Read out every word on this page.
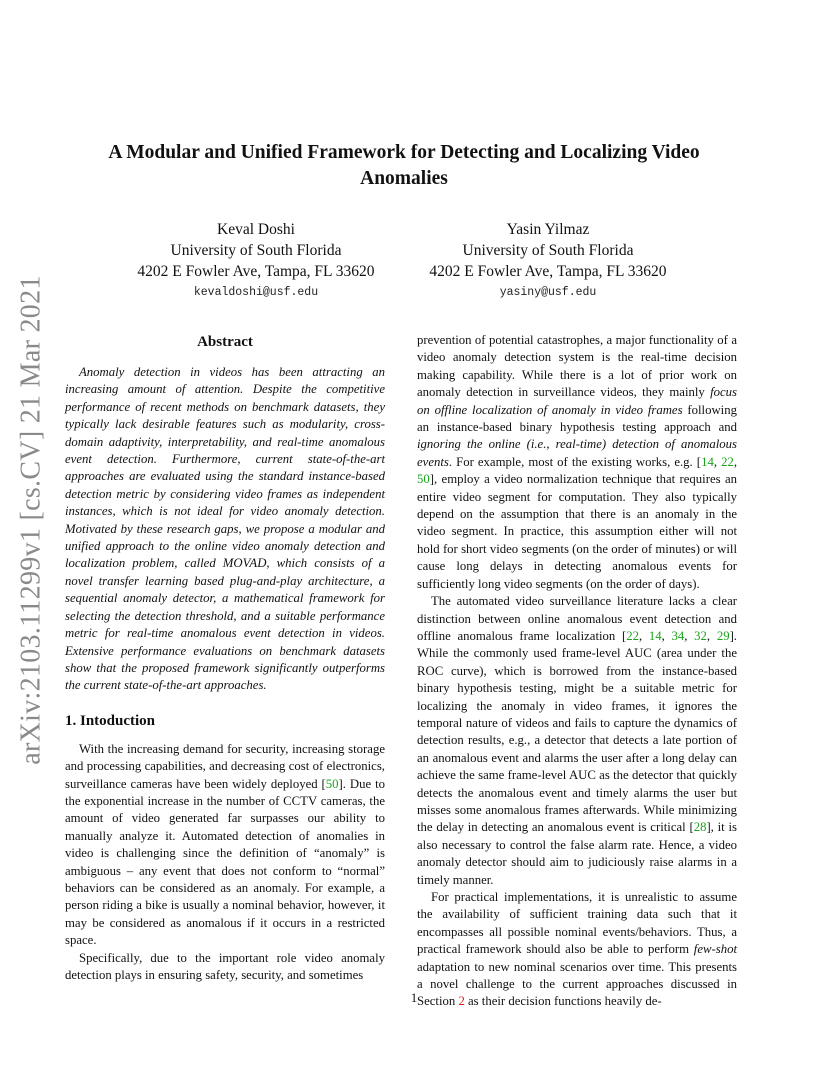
arXiv:2103.11299v1 [cs.CV] 21 Mar 2021
A Modular and Unified Framework for Detecting and Localizing Video Anomalies
Keval Doshi
University of South Florida
4202 E Fowler Ave, Tampa, FL 33620
kevaldoshi@usf.edu
Yasin Yilmaz
University of South Florida
4202 E Fowler Ave, Tampa, FL 33620
yasiny@usf.edu
Abstract

Anomaly detection in videos has been attracting an increasing amount of attention. Despite the competitive performance of recent methods on benchmark datasets, they typically lack desirable features such as modularity, cross-domain adaptivity, interpretability, and real-time anomalous event detection. Furthermore, current state-of-the-art approaches are evaluated using the standard instance-based detection metric by considering video frames as independent instances, which is not ideal for video anomaly detection. Motivated by these research gaps, we propose a modular and unified approach to the online video anomaly detection and localization problem, called MOVAD, which consists of a novel transfer learning based plug-and-play architecture, a sequential anomaly detector, a mathematical framework for selecting the detection threshold, and a suitable performance metric for real-time anomalous event detection in videos. Extensive performance evaluations on benchmark datasets show that the proposed framework significantly outperforms the current state-of-the-art approaches.

1. Intoduction

With the increasing demand for security, increasing storage and processing capabilities, and decreasing cost of electronics, surveillance cameras have been widely deployed [50]. Due to the exponential increase in the number of CCTV cameras, the amount of video generated far surpasses our ability to manually analyze it. Automated detection of anomalies in video is challenging since the definition of “anomaly” is ambiguous – any event that does not conform to “normal” behaviors can be considered as an anomaly. For example, a person riding a bike is usually a nominal behavior, however, it may be considered as anomalous if it occurs in a restricted space.

Specifically, due to the important role video anomaly detection plays in ensuring safety, security, and sometimes

prevention of potential catastrophes, a major functionality of a video anomaly detection system is the real-time decision making capability. While there is a lot of prior work on anomaly detection in surveillance videos, they mainly focus on offline localization of anomaly in video frames following an instance-based binary hypothesis testing approach and ignoring the online (i.e., real-time) detection of anomalous events. For example, most of the existing works, e.g. [14, 22, 50], employ a video normalization technique that requires an entire video segment for computation. They also typically depend on the assumption that there is an anomaly in the video segment. In practice, this assumption either will not hold for short video segments (on the order of minutes) or will cause long delays in detecting anomalous events for sufficiently long video segments (on the order of days).

The automated video surveillance literature lacks a clear distinction between online anomalous event detection and offline anomalous frame localization [22, 14, 34, 32, 29]. While the commonly used frame-level AUC (area under the ROC curve), which is borrowed from the instance-based binary hypothesis testing, might be a suitable metric for localizing the anomaly in video frames, it ignores the temporal nature of videos and fails to capture the dynamics of detection results, e.g., a detector that detects a late portion of an anomalous event and alarms the user after a long delay can achieve the same frame-level AUC as the detector that quickly detects the anomalous event and timely alarms the user but misses some anomalous frames afterwards. While minimizing the delay in detecting an anomalous event is critical [28], it is also necessary to control the false alarm rate. Hence, a video anomaly detector should aim to judiciously raise alarms in a timely manner.

For practical implementations, it is unrealistic to assume the availability of sufficient training data such that it encompasses all possible nominal events/behaviors. Thus, a practical framework should also be able to perform few-shot adaptation to new nominal scenarios over time. This presents a novel challenge to the current approaches discussed in Section 2 as their decision functions heavily de-

1
